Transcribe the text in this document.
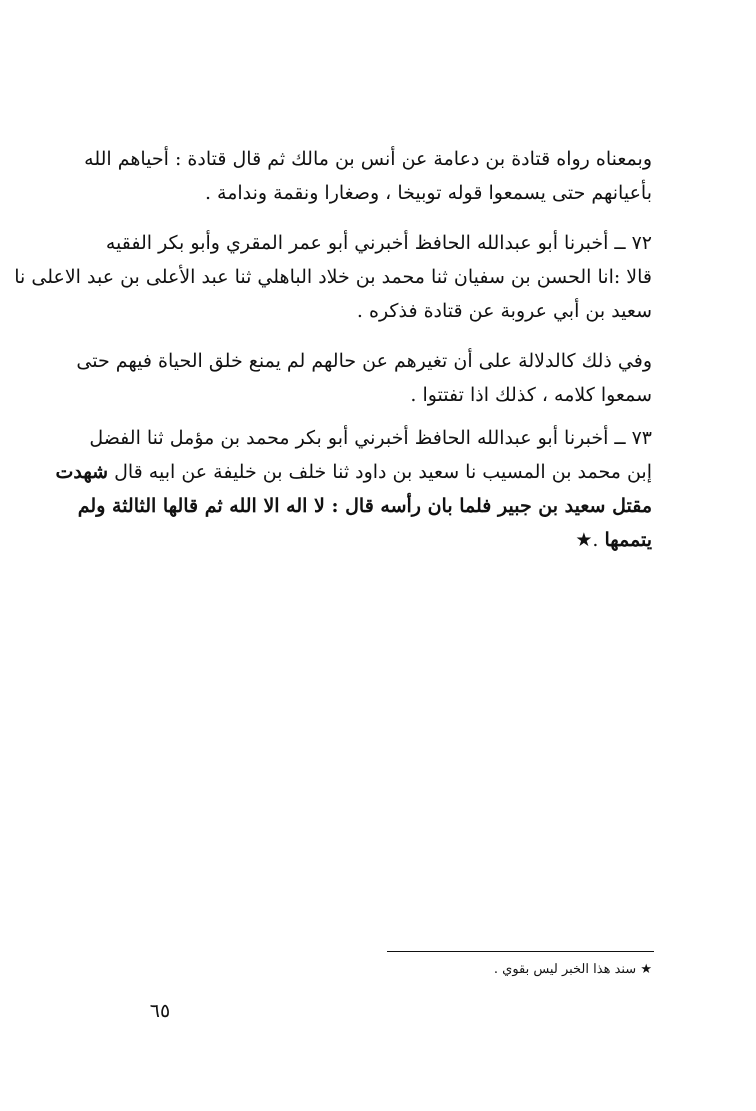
وبمعناه رواه قتادة بن دعامة عن أنس بن مالك ثم قال قتادة : أحياهم الله
بأعيانهم حتى يسمعوا قوله توبيخا ، وصغارا ونقمة وندامة .
٧٢ ــ أخبرنا أبو عبدالله الحافظ أخبرني أبو عمر المقري وأبو بكر الفقيه
قالا :انا الحسن بن سفيان ثنا محمد بن خلاد الباهلي ثنا عبد الأعلى بن عبد الاعلى نا
سعيد بن أبي عروبة عن قتادة فذكره .
وفي ذلك كالدلالة على أن تغيرهم عن حالهم لم يمنع خلق الحياة فيهم حتى
سمعوا كلامه ، كذلك اذا تفتتوا .
٧٣ ــ أخبرنا أبو عبدالله الحافظ أخبرني أبو بكر محمد بن مؤمل ثنا الفضل
إبن محمد بن المسيب نا سعيد بن داود ثنا خلف بن خليفة عن ابيه قال شهدت
مقتل سعيد بن جبير فلما بان رأسه قال : لا اله الا الله ثم قالها الثالثة ولم
يتممها .★
★ سند هذا الخبر ليس بقوي .
٦٥
